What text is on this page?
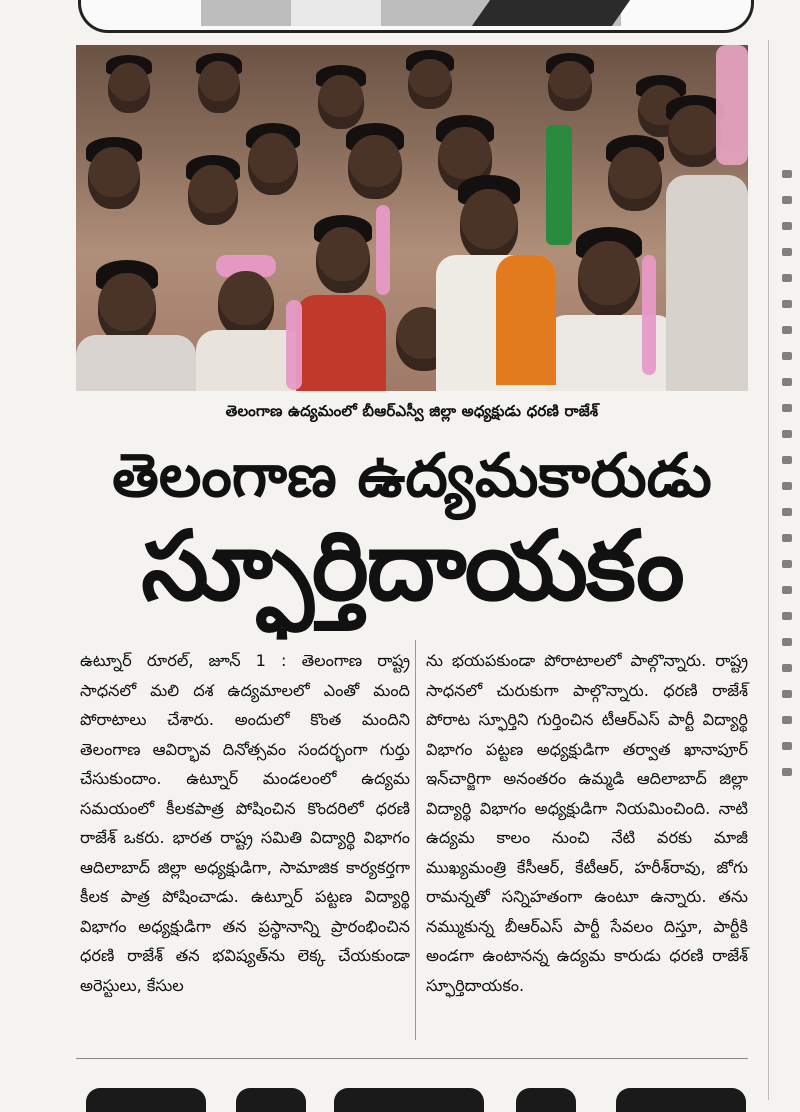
తెలంగాణ ఉద్యమంలో బీఆర్ఎస్వీ జిల్లా అధ్యక్షుడు ధరణి రాజేశ్
తెలంగాణ ఉద్యమకారుడు
స్ఫూర్తిదాయకం
ఉట్నూర్ రూరల్, జూన్ 1 : తెలంగాణ రాష్ట్ర సాధనలో మలి దశ ఉద్యమాలలో ఎంతో మంది పోరాటాలు చేశారు. అందులో కొంత మందిని తెలంగాణ ఆవిర్భావ దినోత్సవం సందర్భంగా గుర్తు చేసుకుందాం. ఉట్నూర్ మండలంలో ఉద్యమ సమయంలో కీలకపాత్ర పోషించిన కొందరిలో ధరణి రాజేశ్ ఒకరు. భారత రాష్ట్ర సమితి విద్యార్థి విభాగం ఆదిలాబాద్ జిల్లా అధ్యక్షుడిగా, సామాజిక కార్యకర్తగా కీలక పాత్ర పోషించాడు. ఉట్నూర్ పట్టణ విద్యార్థి విభాగం అధ్యక్షుడిగా తన ప్రస్థానాన్ని ప్రారంభించిన ధరణి రాజేశ్ తన భవిష్యత్‌ను లెక్క చేయకుండా అరెస్టులు, కేసుల
ను భయపకుండా పోరాటాలలో పాల్గొన్నారు. రాష్ట్ర సాధనలో చురుకుగా పాల్గొన్నారు. ధరణి రాజేశ్ పోరాట స్ఫూర్తిని గుర్తించిన టీఆర్ఎస్ పార్టీ విద్యార్థి విభాగం పట్టణ అధ్యక్షుడిగా తర్వాత ఖానాపూర్ ఇన్‌చార్జిగా అనంతరం ఉమ్మడి ఆదిలాబాద్ జిల్లా విద్యార్థి విభాగం అధ్యక్షుడిగా నియమించింది. నాటి ఉద్యమ కాలం నుంచి నేటి వరకు మాజీ ముఖ్యమంత్రి కేసీఆర్, కేటీఆర్, హరీశ్‌రావు, జోగు రామన్నతో సన్నిహతంగా ఉంటూ ఉన్నారు. తను నమ్ముకున్న బీఆర్ఎస్ పార్టీ సేవలం దిస్తూ, పార్టీకి అండగా ఉంటానన్న ఉద్యమ కారుడు ధరణి రాజేశ్ స్ఫూర్తిదాయకం.
